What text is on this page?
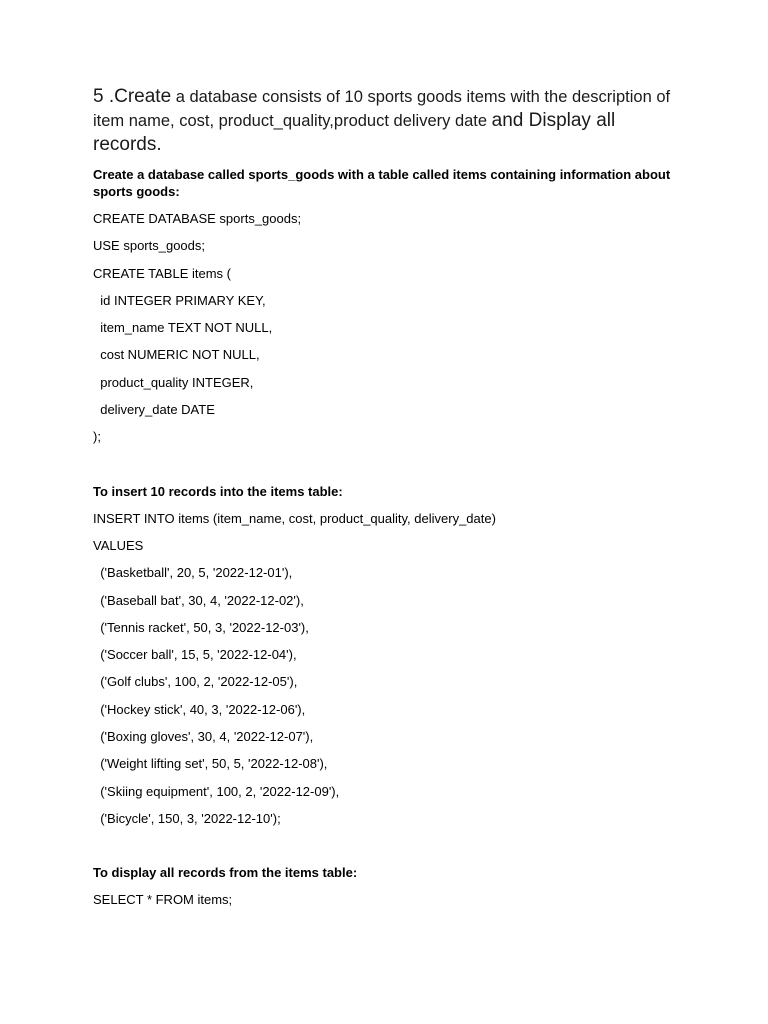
5 .Create a database consists of 10 sports goods items with the description of item name, cost, product_quality,product delivery date and Display all records.

Create a database called sports_goods with a table called items containing information about sports goods:

CREATE DATABASE sports_goods;

USE sports_goods;

CREATE TABLE items (

id INTEGER PRIMARY KEY,

item_name TEXT NOT NULL,

cost NUMERIC NOT NULL,

product_quality INTEGER,

delivery_date DATE

);

To insert 10 records into the items table:

INSERT INTO items (item_name, cost, product_quality, delivery_date)

VALUES

('Basketball', 20, 5, '2022-12-01'),

('Baseball bat', 30, 4, '2022-12-02'),

('Tennis racket', 50, 3, '2022-12-03'),

('Soccer ball', 15, 5, '2022-12-04'),

('Golf clubs', 100, 2, '2022-12-05'),

('Hockey stick', 40, 3, '2022-12-06'),

('Boxing gloves', 30, 4, '2022-12-07'),

('Weight lifting set', 50, 5, '2022-12-08'),

('Skiing equipment', 100, 2, '2022-12-09'),

('Bicycle', 150, 3, '2022-12-10');

To display all records from the items table:

SELECT * FROM items;
